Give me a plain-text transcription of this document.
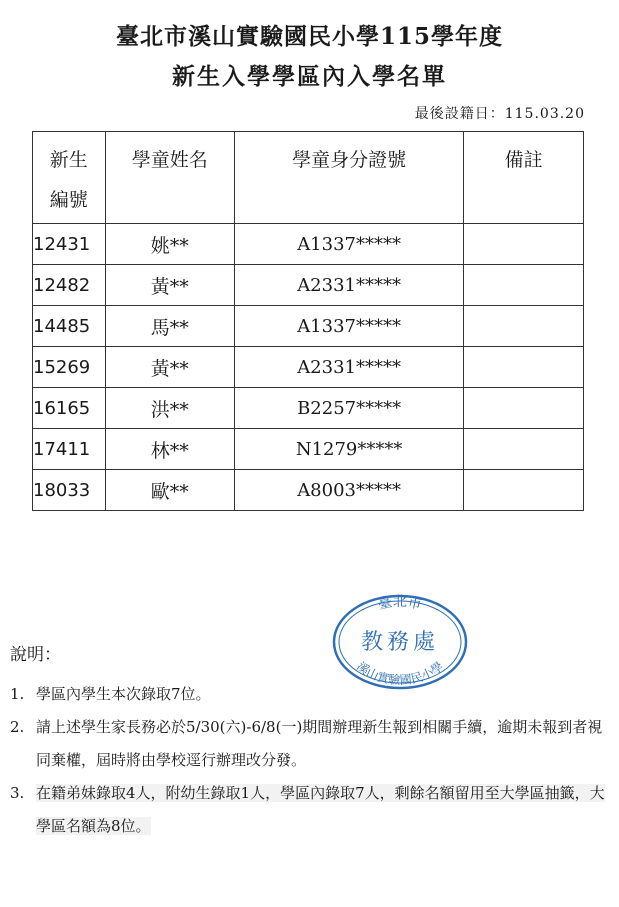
臺北市溪山實驗國民小學115學年度
新生入學學區內入學名單
最後設籍日：115.03.20
新生編號	學童姓名	學童身分證號	備註
12431	姚**	A1337*****	
12482	黃**	A2331*****	
14485	馬**	A1337*****	
15269	黃**	A2331*****	
16165	洪**	B2257*****	
17411	林**	N1279*****	
18033	歐**	A8003*****	
臺北市
教務處
溪山實驗國民小學
說明：
1. 學區內學生本次錄取7位。
2. 請上述學生家長務必於5/30(六)-6/8(一)期間辦理新生報到相關手續，逾期未報到者視同棄權，屆時將由學校逕行辦理改分發。
3. 在籍弟妹錄取4人，附幼生錄取1人，學區內錄取7人，剩餘名額留用至大學區抽籤，大學區名額為8位。
